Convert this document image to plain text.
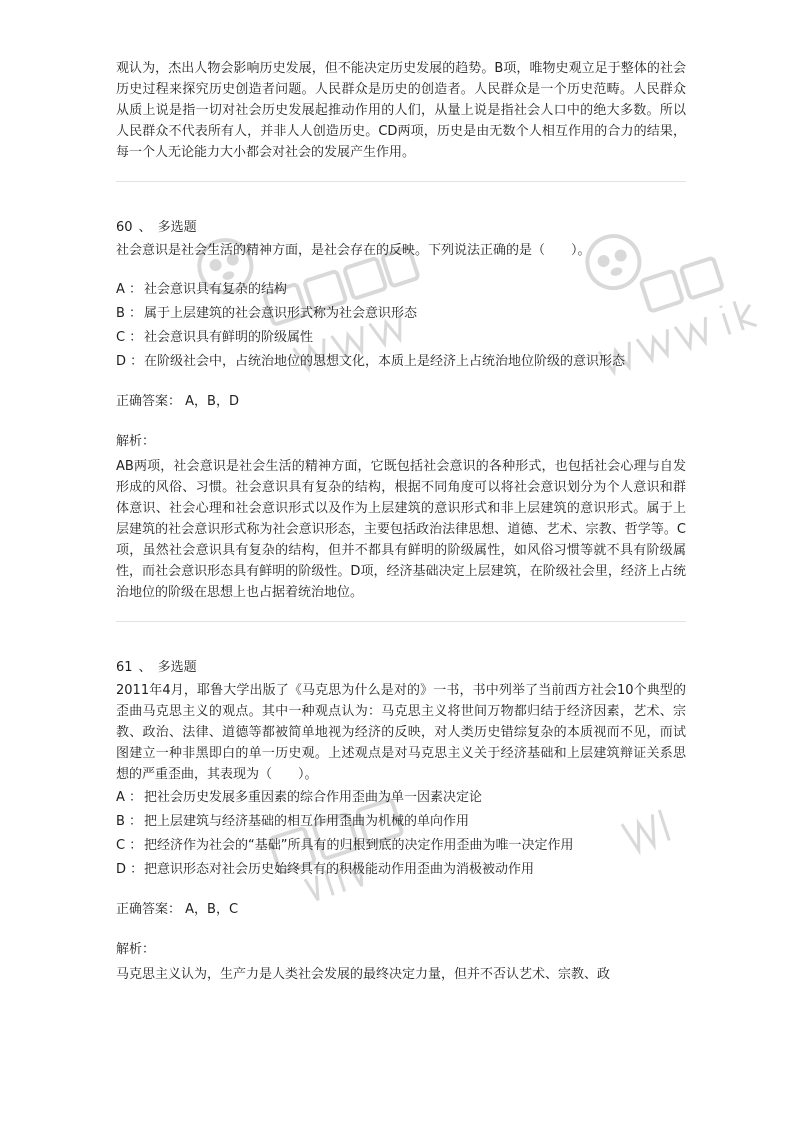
观认为，杰出人物会影响历史发展，但不能决定历史发展的趋势。B项，唯物史观立足于整体的社会历史过程来探究历史创造者问题。人民群众是历史的创造者。人民群众是一个历史范畴。人民群众从质上说是指一切对社会历史发展起推动作用的人们，从量上说是指社会人口中的绝大多数。所以人民群众不代表所有人，并非人人创造历史。CD两项，历史是由无数个人相互作用的合力的结果，每一个人无论能力大小都会对社会的发展产生作用。

60 、 多选题

社会意识是社会生活的精神方面，是社会存在的反映。下列说法正确的是（　　）。

A ： 社会意识具有复杂的结构
B ： 属于上层建筑的社会意识形式称为社会意识形态
C ： 社会意识具有鲜明的阶级属性
D ： 在阶级社会中，占统治地位的思想文化，本质上是经济上占统治地位阶级的意识形态

正确答案： A，B，D

解析：

AB两项，社会意识是社会生活的精神方面，它既包括社会意识的各种形式，也包括社会心理与自发形成的风俗、习惯。社会意识具有复杂的结构，根据不同角度可以将社会意识划分为个人意识和群体意识、社会心理和社会意识形式以及作为上层建筑的意识形式和非上层建筑的意识形式。属于上层建筑的社会意识形式称为社会意识形态，主要包括政治法律思想、道德、艺术、宗教、哲学等。C项，虽然社会意识具有复杂的结构，但并不都具有鲜明的阶级属性，如风俗习惯等就不具有阶级属性，而社会意识形态具有鲜明的阶级性。D项，经济基础决定上层建筑，在阶级社会里，经济上占统治地位的阶级在思想上也占据着统治地位。

61 、 多选题

2011年4月，耶鲁大学出版了《马克思为什么是对的》一书，书中列举了当前西方社会10个典型的歪曲马克思主义的观点。其中一种观点认为：马克思主义将世间万物都归结于经济因素，艺术、宗教、政治、法律、道德等都被简单地视为经济的反映，对人类历史错综复杂的本质视而不见，而试图建立一种非黑即白的单一历史观。上述观点是对马克思主义关于经济基础和上层建筑辩证关系思想的严重歪曲，其表现为（　　）。

A ： 把社会历史发展多重因素的综合作用歪曲为单一因素决定论
B ： 把上层建筑与经济基础的相互作用歪曲为机械的单向作用
C ： 把经济作为社会的“基础”所具有的归根到底的决定作用歪曲为唯一决定作用
D ： 把意识形态对社会历史始终具有的积极能动作用歪曲为消极被动作用

正确答案： A，B，C

解析：

马克思主义认为，生产力是人类社会发展的最终决定力量，但并不否认艺术、宗教、政
